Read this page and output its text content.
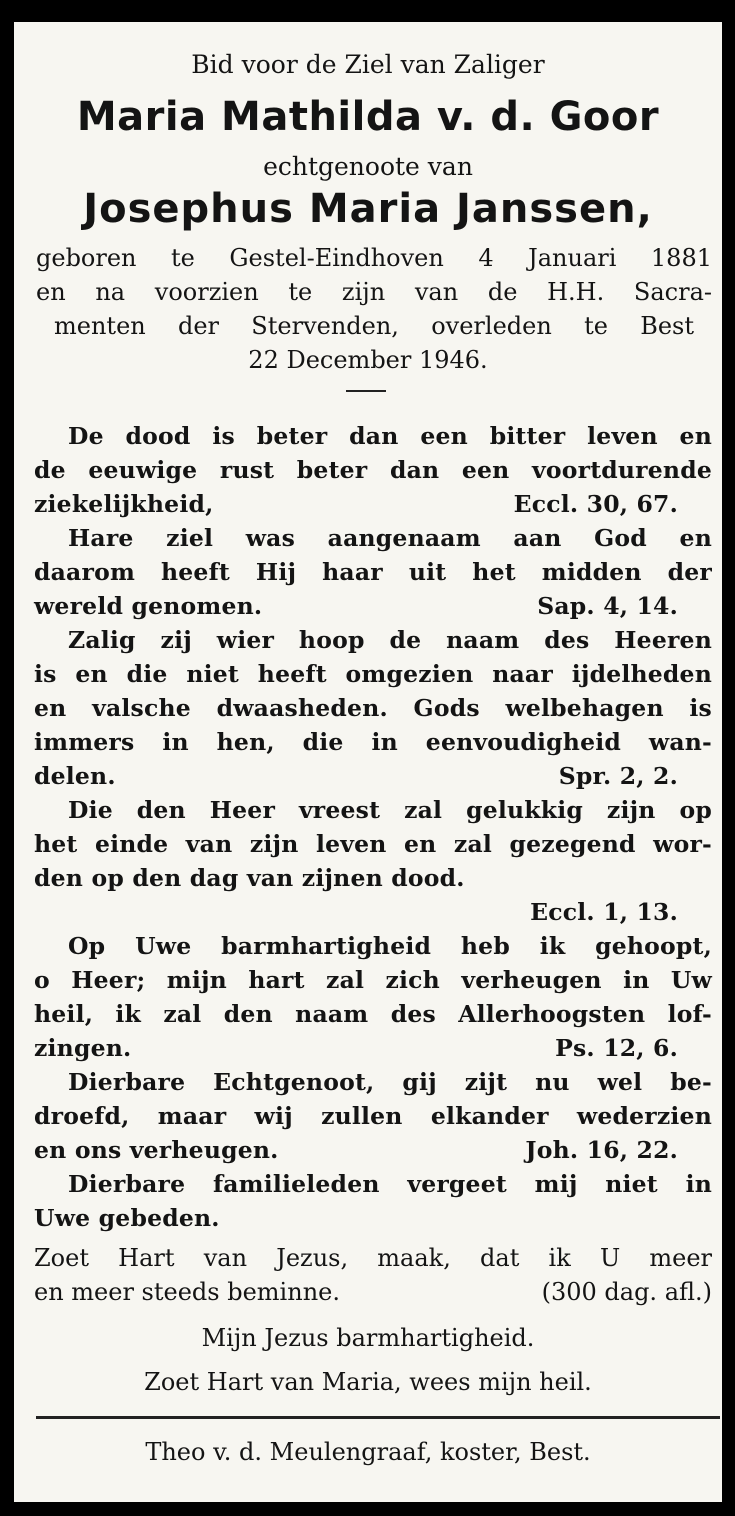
Bid voor de Ziel van Zaliger
Maria Mathilda v. d. Goor
echtgenoote van
Josephus Maria Janssen,
geboren te Gestel-Eindhoven 4 Januari 1881
en na voorzien te zijn van de H.H. Sacra-
menten der Stervenden, overleden te Best
22 December 1946.
De dood is beter dan een bitter leven en
de eeuwige rust beter dan een voortdurende
ziekelijkheid,	Eccl. 30, 67.
Hare ziel was aangenaam aan God en
daarom heeft Hij haar uit het midden der
wereld genomen.	Sap. 4, 14.
Zalig zij wier hoop de naam des Heeren
is en die niet heeft omgezien naar ijdelheden
en valsche dwaasheden. Gods welbehagen is
immers in hen, die in eenvoudigheid wan-
delen.	Spr. 2, 2.
Die den Heer vreest zal gelukkig zijn op
het einde van zijn leven en zal gezegend wor-
den op den dag van zijnen dood.
Eccl. 1, 13.
Op Uwe barmhartigheid heb ik gehoopt,
o Heer; mijn hart zal zich verheugen in Uw
heil, ik zal den naam des Allerhoogsten lof-
zingen.	Ps. 12, 6.
Dierbare Echtgenoot, gij zijt nu wel be-
droefd, maar wij zullen elkander wederzien
en ons verheugen.	Joh. 16, 22.
Dierbare familieleden vergeet mij niet in
Uwe gebeden.
Zoet Hart van Jezus, maak, dat ik U meer
en meer steeds beminne.	(300 dag. afl.)
Mijn Jezus barmhartigheid.
Zoet Hart van Maria, wees mijn heil.
Theo v. d. Meulengraaf, koster, Best.
